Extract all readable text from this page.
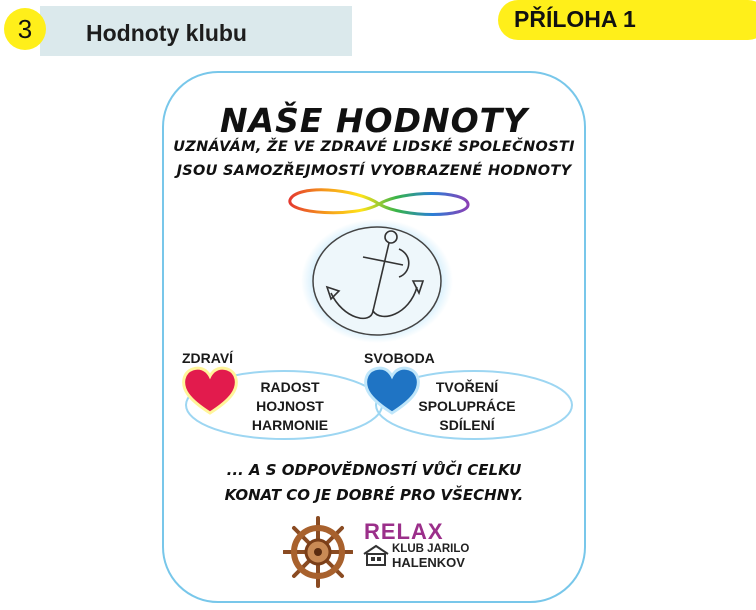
3 Hodnoty klubu
PŘÍLOHA 1
NAŠE HODNOTY
UZNÁVÁM, ŽE VE ZDRAVÉ LIDSKÉ SPOLEČNOSTI
JSOU SAMOZŘEJMOSTÍ VYOBRAZENÉ HODNOTY
ZDRAVÍ	SVOBODA
RADOST
HOJNOST
HARMONIE
TVOŘENÍ
SPOLUPRÁCE
SDÍLENÍ
... A S ODPOVĚDNOSTÍ VŮČI CELKU
KONAT CO JE DOBRÉ PRO VŠECHNY.
RELAX
KLUB JARILO
HALENKOV
